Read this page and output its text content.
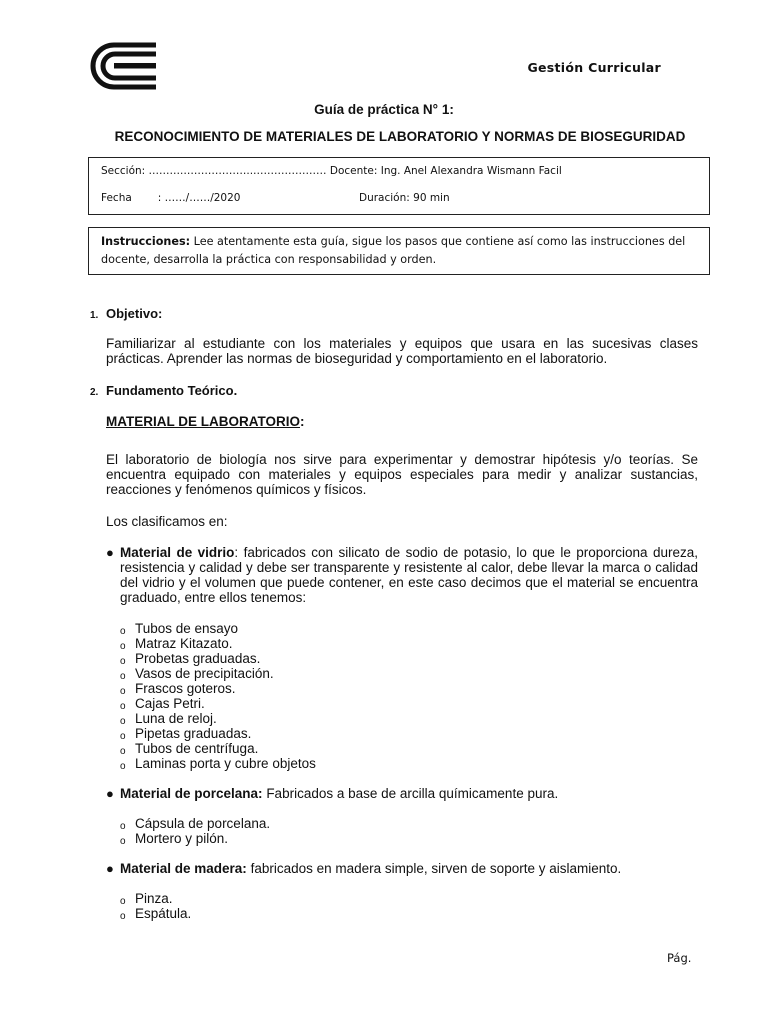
Gestión Curricular
Guía de práctica N° 1:
RECONOCIMIENTO DE MATERIALES DE LABORATORIO Y NORMAS DE BIOSEGURIDAD
Sección: ……….………………..………………… Docente: Ing. Anel Alexandra Wismann Facil
Fecha : ……/……/2020	Duración: 90 min
Instrucciones: Lee atentamente esta guía, sigue los pasos que contiene así como las instrucciones del docente, desarrolla la práctica con responsabilidad y orden.
1. Objetivo:
Familiarizar al estudiante con los materiales y equipos que usara en las sucesivas clases prácticas. Aprender las normas de bioseguridad y comportamiento en el laboratorio.
2. Fundamento Teórico.
MATERIAL DE LABORATORIO:
El laboratorio de biología nos sirve para experimentar y demostrar hipótesis y/o teorías. Se encuentra equipado con materiales y equipos especiales para medir y analizar sustancias, reacciones y fenómenos químicos y físicos.
Los clasificamos en:
● Material de vidrio: fabricados con silicato de sodio de potasio, lo que le proporciona dureza, resistencia y calidad y debe ser transparente y resistente al calor, debe llevar la marca o calidad del vidrio y el volumen que puede contener, en este caso decimos que el material se encuentra graduado, entre ellos tenemos:
o Tubos de ensayo
o Matraz Kitazato.
o Probetas graduadas.
o Vasos de precipitación.
o Frascos goteros.
o Cajas Petri.
o Luna de reloj.
o Pipetas graduadas.
o Tubos de centrífuga.
o Laminas porta y cubre objetos
● Material de porcelana: Fabricados a base de arcilla químicamente pura.
o Cápsula de porcelana.
o Mortero y pilón.
● Material de madera: fabricados en madera simple, sirven de soporte y aislamiento.
o Pinza.
o Espátula.
Pág.
